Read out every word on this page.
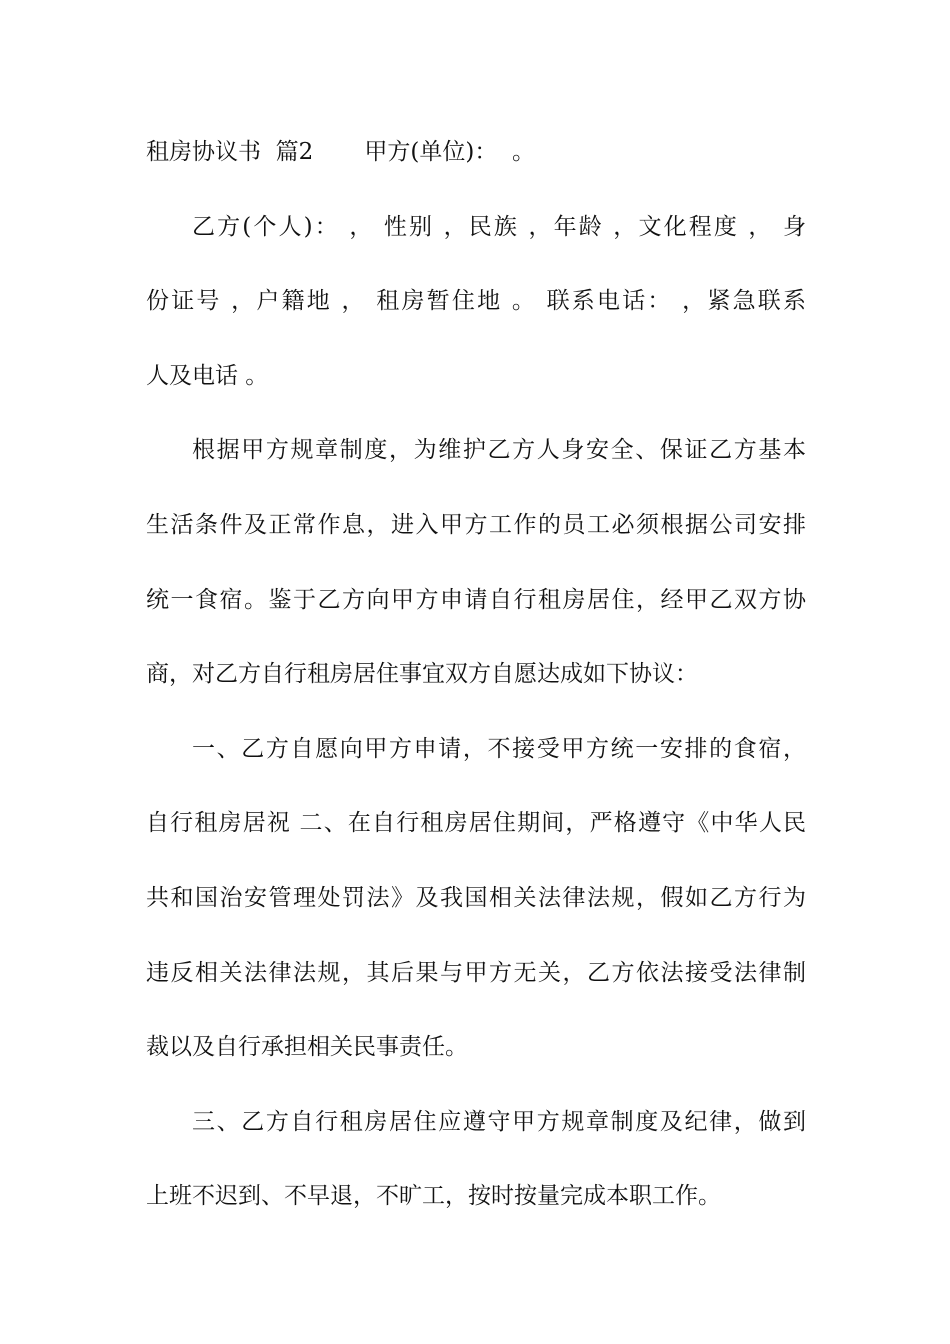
租房协议书  篇2       甲方(单位)：  。
乙方(个人)： ， 性别 ，民族 ，年龄 ，文化程度 ， 身
份证号 ，户籍地 ， 租房暂住地 。 联系电话： ，紧急联系
人及电话 。
根据甲方规章制度，为维护乙方人身安全、保证乙方基本
生活条件及正常作息，进入甲方工作的员工必须根据公司安排
统一食宿。鉴于乙方向甲方申请自行租房居住，经甲乙双方协
商，对乙方自行租房居住事宜双方自愿达成如下协议：
一、乙方自愿向甲方申请，不接受甲方统一安排的食宿，
自行租房居祝 二、在自行租房居住期间，严格遵守《中华人民
共和国治安管理处罚法》及我国相关法律法规，假如乙方行为
违反相关法律法规，其后果与甲方无关，乙方依法接受法律制
裁以及自行承担相关民事责任。
三、乙方自行租房居住应遵守甲方规章制度及纪律，做到
上班不迟到、不早退，不旷工，按时按量完成本职工作。
